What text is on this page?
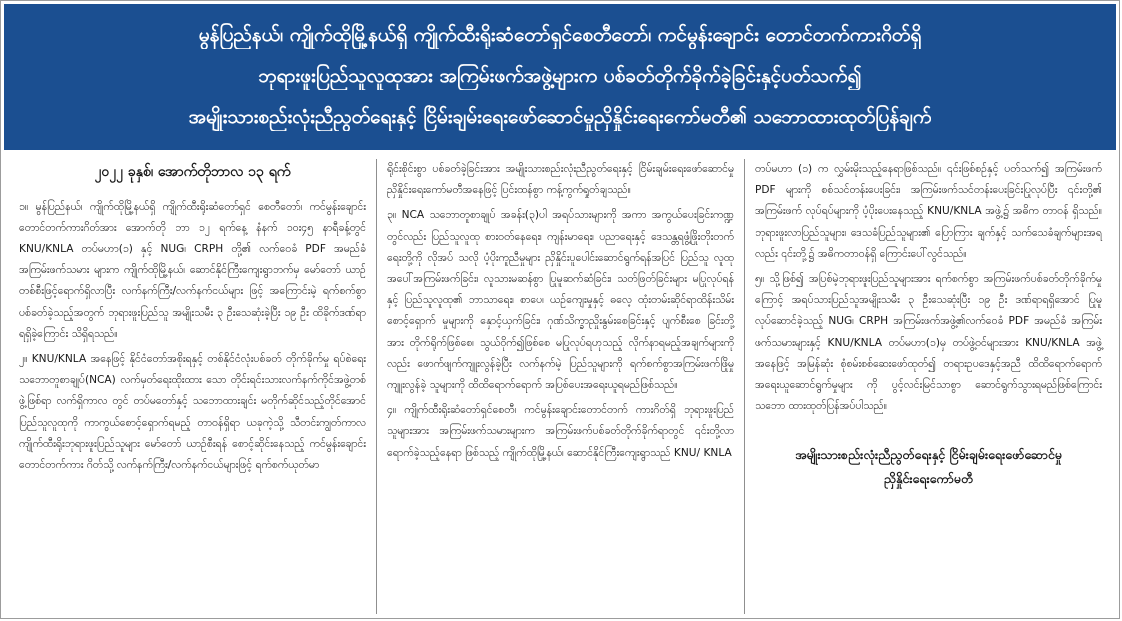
မွန်ပြည်နယ်၊ ကျိုက်ထိုမြို့နယ်ရှိ ကျိုက်ထီးရိုးဆံတော်ရှင်စေတီတော်၊ ကင်မွန်းချောင်း တောင်တက်ကားဂိတ်ရှိ
ဘုရားဖူးပြည်သူလူထုအား အကြမ်းဖက်အဖွဲ့များက ပစ်ခတ်တိုက်ခိုက်ခဲ့ခြင်းနှင့်ပတ်သက်၍
အမျိုးသားစည်းလုံးညီညွတ်ရေးနှင့် ငြိမ်းချမ်းရေးဖော်ဆောင်မှုညှိနှိုင်းရေးကော်မတီ၏ သဘောထားထုတ်ပြန်ချက်
၂၀၂၂ ခုနှစ်၊ အောက်တိုဘာလ ၁၃ ရက်

၁။ မွန်ပြည်နယ်၊ ကျိုက်ထိုမြို့နယ်ရှိ ကျိုက်ထီးရိုးဆံတော်ရှင် စေတီတော်၊ ကင်မွန်းချောင်း တောင်တက်ကားဂိတ်အား အောက်တို ဘာ ၁၂ ရက်နေ့ နံနက် ၁၀း၄၅ နာရီခန့်တွင် KNU/KNLA တပ်မဟာ(၁) နှင့် NUG၊ CRPH တို့၏ လက်ဝေခံ PDF အမည်ခံ အကြမ်းဖက်သမား များက ကျိုက်ထိုမြို့နယ်၊ ဆောင်နိုင်ကြီးကျေးရွာဘက်မှ မော်တော် ယာဉ်တစ်စီးဖြင့်ရောက်ရှိလာပြီး လက်နက်ကြီး/လက်နက်ငယ်များ ဖြင့် အကြောင်းမဲ့ ရက်စက်စွာ ပစ်ခတ်ခဲ့သည့်အတွက် ဘုရားဖူးပြည်သူ အမျိုးသမီး ၃ ဦးသေဆုံးခဲ့ပြီး ၁၉ ဦး ထိခိုက်ဒဏ်ရာရရှိခဲ့ကြောင်း သိရှိရသည်။

၂။ KNU/KNLA အနေဖြင့် နိုင်ငံတော်အစိုးရနှင့် တစ်နိုင်ငံလုံးပစ်ခတ် တိုက်ခိုက်မှု ရပ်စဲရေးသဘောတူစာချုပ်(NCA) လက်မှတ်ရေးထိုးထား သော တိုင်းရင်းသားလက်နက်ကိုင်အဖွဲ့တစ်ဖွဲ့ဖြစ်ရာ လက်ရှိကာလ တွင် တပ်မတော်နှင့် သဘောထားချင်း မတိုက်ဆိုင်သည့်တိုင်အောင် ပြည်သူလူထုကို ကာကွယ်စောင့်ရှောက်ရမည့် တာဝန်ရှိရာ ယခုကဲ့သို့ သီတင်းကျွတ်ကာလ ကျိုက်ထီးရိုးဘုရားဖူးပြည်သူများ မော်တော် ယာဉ်စီးရန် စောင့်ဆိုင်းနေသည့် ကင်မွန်းချောင်း တောင်တက်ကား ဂိတ်သို့ လက်နက်ကြီး/လက်နက်ငယ်များဖြင့် ရက်စက်ယုတ်မာ

ရိုင်းစိုင်းစွာ ပစ်ခတ်ခဲ့ခြင်းအား အမျိုးသားစည်းလုံးညီညွတ်ရေးနှင့် ငြိမ်းချမ်းရေးဖော်ဆောင်မှုညှိနှိုင်းရေးကော်မတီအနေဖြင့် ပြင်းထန်စွာ ကန့်ကွက်ရှုတ်ချသည်။

၃။ NCA သဘောတူစာချုပ် အခန်း(၃)ပါ အရပ်သားများကို အကာ အကွယ်ပေးခြင်းကဏ္ဍတွင်လည်း ပြည်သူလူထု စားဝတ်နေရေး၊ ကျန်းမာရေး၊ ပညာရေးနှင့် ဒေသန္တရဖွံ့ဖြိုးတိုးတက်ရေးတို့ကို လိုအပ် သလို ပံ့ပိုးကူညီမှုများ ညှိနှိုင်းပူပေါင်းဆောင်ရွက်ရန်အပြင် ပြည်သူ လူထုအပေါ်အကြမ်းဖက်ခြင်း၊ လူသားမဆန်စွာ ပြုမူဆက်ဆံခြင်း၊ သတ်ဖြတ်ခြင်းများ မပြုလုပ်ရန်နှင့် ပြည်သူလူထု၏ ဘာသာရေး၊ စာပေ၊ ယဉ်ကျေးမှုနှင့် ဓလေ့ ထုံးတမ်းဆိုင်ရာထိန်းသိမ်းစောင့်ရှောက် မှုများကို နှောင့်ယှက်ခြင်း၊ ဂုဏ်သိက္ခာညှိုးနွမ်းစေခြင်းနှင့် ပျက်စီးစေ ခြင်းတို့အား တိုက်ရိုက်ဖြစ်စေ၊ သွယ်ဝိုက်၍ဖြစ်စေ မပြုလုပ်ရဟုသည့် လိုက်နာရမည့်အချက်များကိုလည်း ဖောက်ဖျက်ကျူးလွန်ခဲ့ပြီး လက်နက်မဲ့ ပြည်သူများကို ရက်စက်စွာအကြမ်းဖက်ဖြိုမှုကျူးလွန်ခဲ့ သူများကို ထိထိရောက်ရောက် အပြစ်ပေးအရေးယူရမည်ဖြစ်သည်။

၄။ ကျိုက်ထီးရိုးဆံတော်ရှင်စေတီ၊ ကင်မွန်းချောင်းတောင်တက် ကားဂိတ်ရှိ ဘုရားဖူးပြည်သူများအား အကြမ်းဖက်သမားများက အကြမ်းဖက်ပစ်ခတ်တိုက်ခိုက်ရာတွင် ၎င်းတို့လာရောက်ခဲ့သည့်နေရာ ဖြစ်သည့် ကျိုက်ထိုမြို့နယ်၊ ဆောင်နိုင်ကြီးကျေးရွာသည် KNU/ KNLA

တပ်မဟာ (၁) က လွှမ်းမိုးသည့်နေရာဖြစ်သည်။ ၎င်းဖြစ်စဉ်နှင့် ပတ်သက်၍ အကြမ်းဖက် PDF များကို စစ်သင်တန်းပေးခြင်း၊ အကြမ်းဖက်သင်တန်းပေးခြင်းပြုလုပ်ပြီး ၎င်းတို့၏ အကြမ်းဖက် လုပ်ရပ်များကို ပံ့ပိုးပေးနေသည့် KNU/KNLA အဖွဲ့၌ အဓိက တာဝန် ရှိသည်။ ဘုရားဖူးလာပြည်သူများ၊ ဒေသခံပြည်သူများ၏ ပြောကြား ချက်နှင့် သက်သေခံချက်များအရလည်း ၎င်းတို့၌ အဓိကတာဝန်ရှိ ကြောင်းပေါ်လွင်သည်။

၅။ သို့ဖြစ်၍ အပြစ်မဲ့ဘုရားဖူးပြည်သူများအား ရက်စက်စွာ အကြမ်းဖက်ပစ်ခတ်တိုက်ခိုက်မှုကြောင့် အရပ်သားပြည်သူအမျိုးသမီး ၃ ဦးသေဆုံးပြီး ၁၉ ဦး ဒဏ်ရာရရှိအောင် ပြုမူလုပ်ဆောင်ခဲ့သည့် NUG၊ CRPH အကြမ်းဖက်အဖွဲ့၏လက်ဝေခံ PDF အမည်ခံ အကြမ်း ဖက်သမားများနှင့် KNU/KNLA တပ်မဟာ(၁)မှ တပ်ဖွဲ့ဝင်များအား KNU/KNLA အဖွဲ့အနေဖြင့် အမြန်ဆုံး စုံစမ်းစစ်ဆေးဖော်ထုတ်၍ တရားဥပဒေနှင့်အညီ ထိထိရောက်ရောက် အရေးယူဆောင်ရွက်မှုများ ကို ပွင့်လင်းမြင်သာစွာ ဆောင်ရွက်သွားရမည်ဖြစ်ကြောင်း သဘော ထားထုတ်ပြန်အပ်ပါသည်။

အမျိုးသားစည်းလုံးညီညွတ်ရေးနှင့် ငြိမ်းချမ်းရေးဖော်ဆောင်မှု
ညှိနှိုင်းရေးကော်မတီ
